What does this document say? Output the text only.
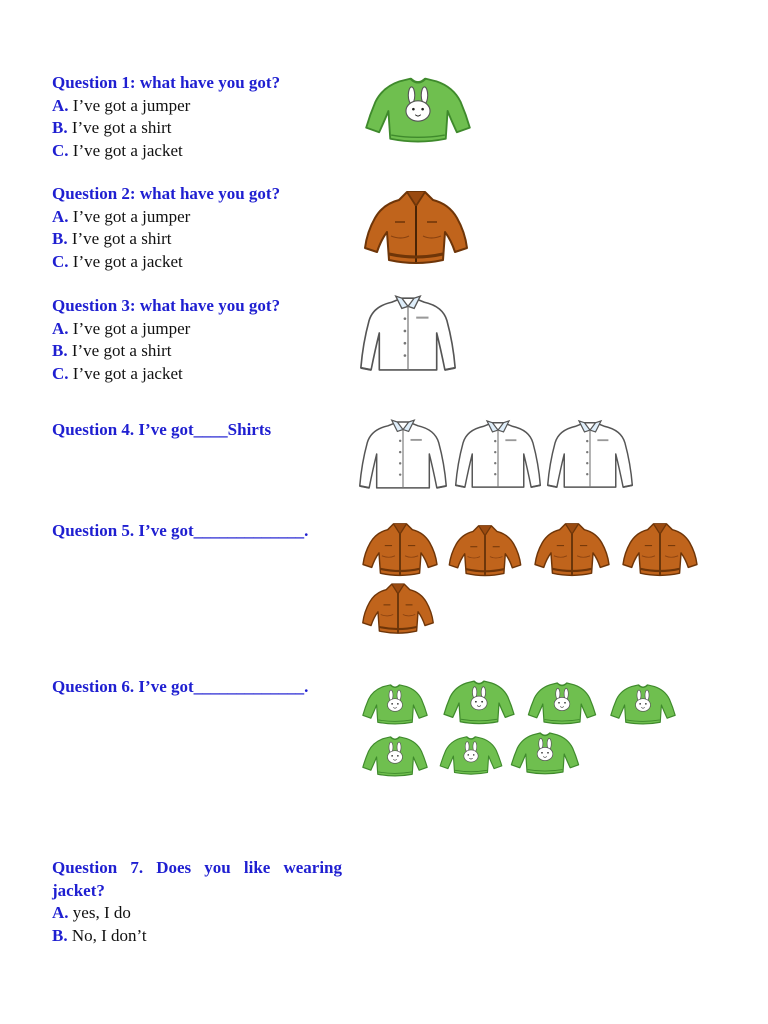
Question 1: what have you got?
A. I’ve got a jumper
B. I’ve got a shirt
C. I’ve got a jacket
Question 2: what have you got?
A. I’ve got a jumper
B. I’ve got a shirt
C. I’ve got a jacket
Question 3: what have you got?
A. I’ve got a jumper
B. I’ve got a shirt
C. I’ve got a jacket
Question 4. I’ve got____Shirts
Question 5. I’ve got_____________.
Question 6. I’ve got_____________.
Question 7. Does you like wearing jacket?
A. yes, I do
B. No, I don’t
